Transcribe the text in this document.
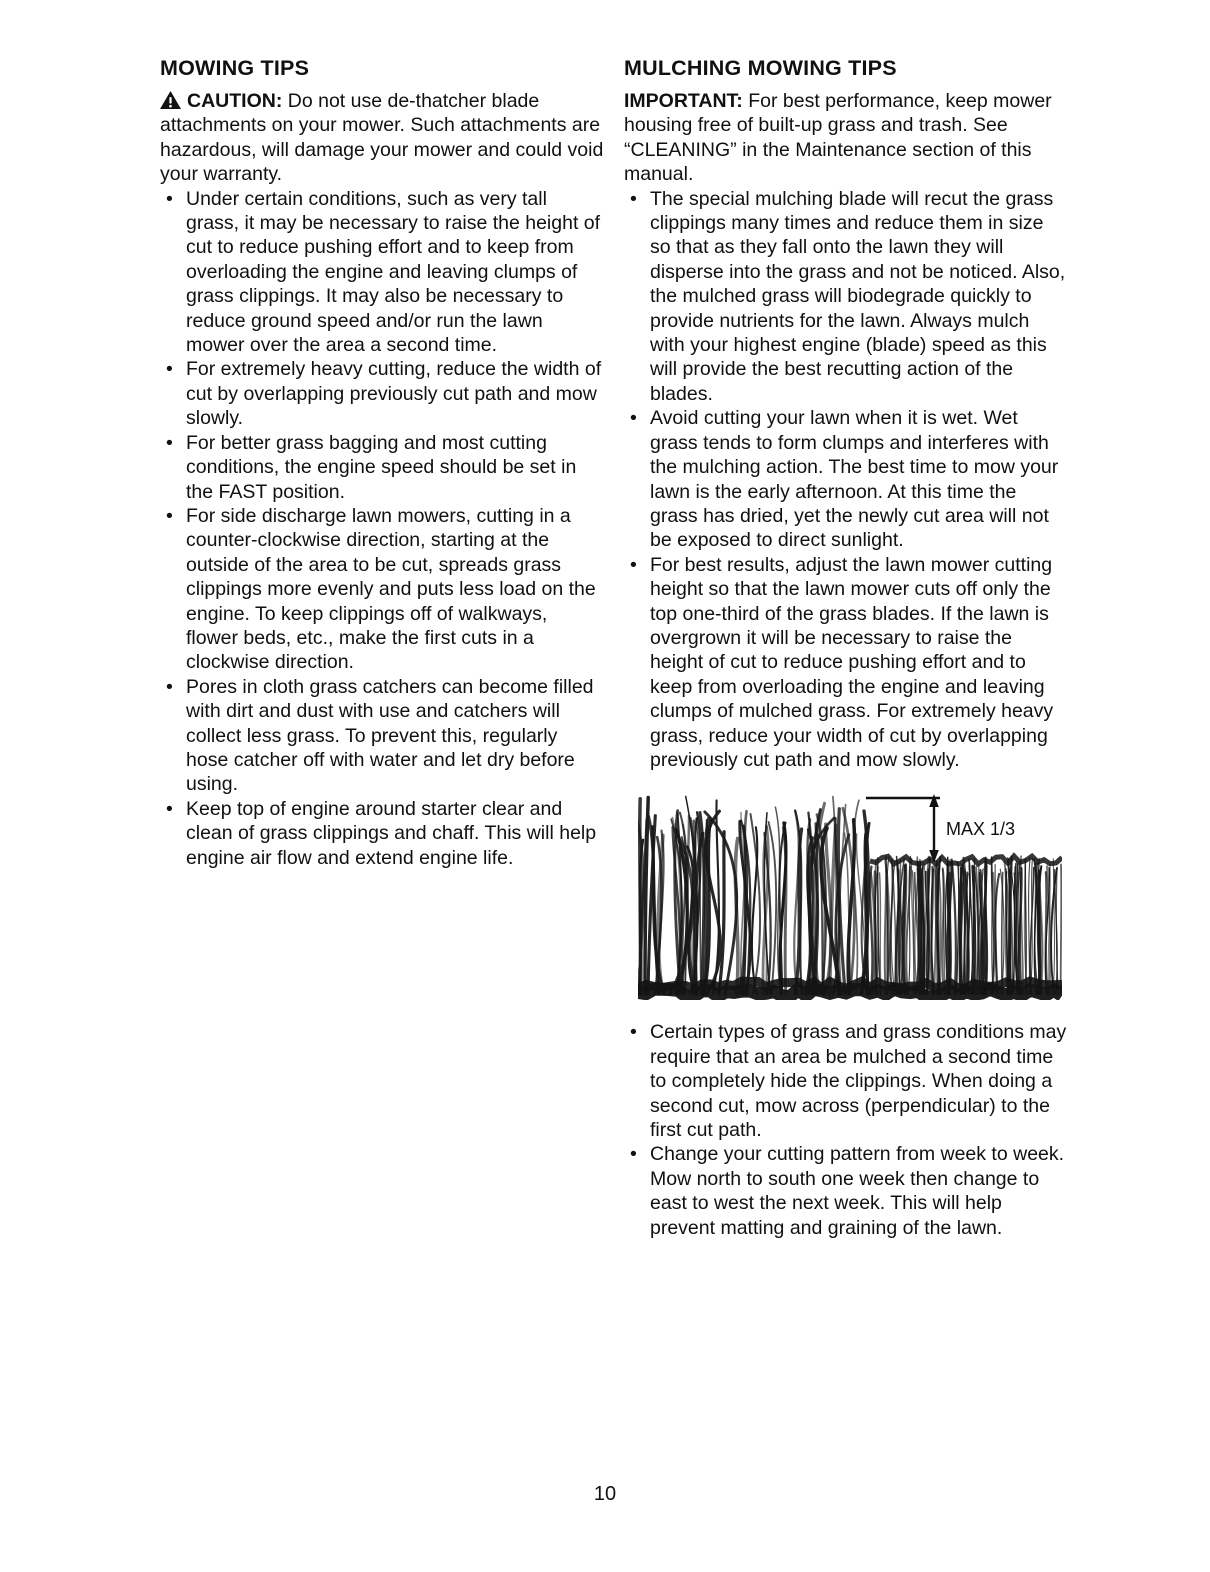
MOWING TIPS

CAUTION: Do not use de-thatcher blade attachments on your mower. Such attachments are hazardous, will damage your mower and could void your warranty.

• Under certain conditions, such as very tall grass, it may be necessary to raise the height of cut to reduce pushing effort and to keep from overloading the engine and leaving clumps of grass clippings. It may also be necessary to reduce ground speed and/or run the lawn mower over the area a second time.
• For extremely heavy cutting, reduce the width of cut by overlapping previously cut path and mow slowly.
• For better grass bagging and most cutting conditions, the engine speed should be set in the FAST position.
• For side discharge lawn mowers, cutting in a counter-clockwise direction, starting at the outside of the area to be cut, spreads grass clippings more evenly and puts less load on the engine. To keep clippings off of walkways, flower beds, etc., make the first cuts in a clockwise direction.
• Pores in cloth grass catchers can become filled with dirt and dust with use and catchers will collect less grass. To prevent this, regularly hose catcher off with water and let dry before using.
• Keep top of engine around starter clear and clean of grass clippings and chaff. This will help engine air flow and extend engine life.
MULCHING MOWING TIPS

IMPORTANT: For best performance, keep mower housing free of built-up grass and trash. See “CLEANING” in the Maintenance section of this manual.

• The special mulching blade will recut the grass clippings many times and reduce them in size so that as they fall onto the lawn they will disperse into the grass and not be noticed. Also, the mulched grass will biodegrade quickly to provide nutrients for the lawn. Always mulch with your highest engine (blade) speed as this will provide the best recutting action of the blades.
• Avoid cutting your lawn when it is wet. Wet grass tends to form clumps and interferes with the mulching action. The best time to mow your lawn is the early afternoon. At this time the grass has dried, yet the newly cut area will not be exposed to direct sunlight.
• For best results, adjust the lawn mower cutting height so that the lawn mower cuts off only the top one-third of the grass blades. If the lawn is overgrown it will be necessary to raise the height of cut to reduce pushing effort and to keep from overloading the engine and leaving clumps of mulched grass. For extremely heavy grass, reduce your width of cut by overlapping previously cut path and mow slowly.
MAX 1/3
• Certain types of grass and grass conditions may require that an area be mulched a second time to completely hide the clippings. When doing a second cut, mow across (perpendicular) to the first cut path.
• Change your cutting pattern from week to week. Mow north to south one week then change to east to west the next week. This will help prevent matting and graining of the lawn.
10
